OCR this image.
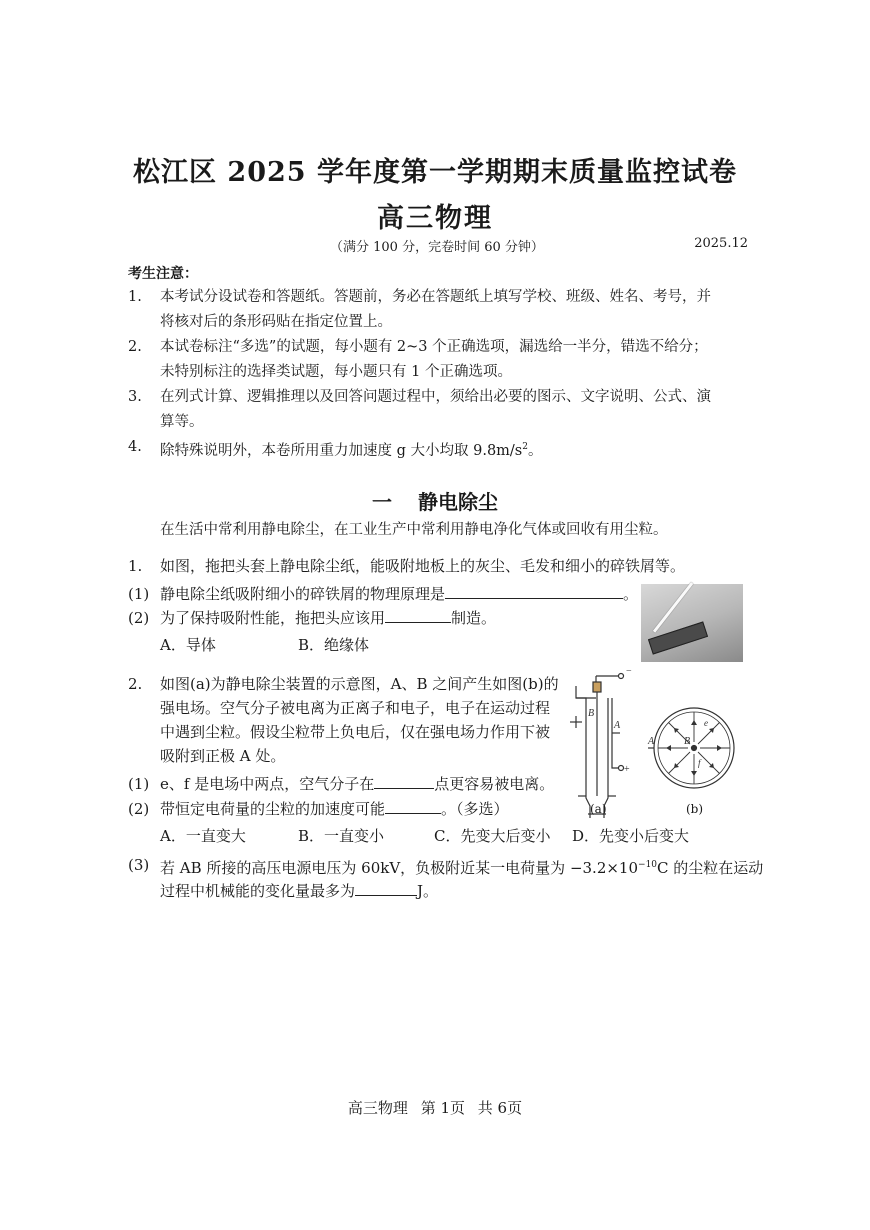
松江区 2025 学年度第一学期期末质量监控试卷
高三物理
（满分 100 分，完卷时间 60 分钟）	2025.12
考生注意：
1. 本考试分设试卷和答题纸。答题前，务必在答题纸上填写学校、班级、姓名、考号，并
将核对后的条形码贴在指定位置上。
2. 本试卷标注“多选”的试题，每小题有 2~3 个正确选项，漏选给一半分，错选不给分；
未特别标注的选择类试题，每小题只有 1 个正确选项。
3. 在列式计算、逻辑推理以及回答问题过程中，须给出必要的图示、文字说明、公式、演
算等。
4. 除特殊说明外，本卷所用重力加速度 g 大小均取 $9.8m/s^2$。
一 静电除尘
在生活中常利用静电除尘，在工业生产中常利用静电净化气体或回收有用尘粒。
1. 如图，拖把头套上静电除尘纸，能吸附地板上的灰尘、毛发和细小的碎铁屑等。
(1) 静电除尘纸吸附细小的碎铁屑的物理原理是	。
(2) 为了保持吸附性能，拖把头应该用	制造。
A．导体	B．绝缘体
2. 如图(a)为静电除尘装置的示意图，A、B 之间产生如图(b)的
强电场。空气分子被电离为正离子和电子，电子在运动过程
中遇到尘粒。假设尘粒带上负电后，仅在强电场力作用下被
吸附到正极 A 处。
(1) e、f 是电场中两点，空气分子在	点更容易被电离。
(2) 带恒定电荷量的尘粒的加速度可能	。（多选）
A．一直变大	B．一直变小	C．先变大后变小 D．先变小后变大
(3) 若 AB 所接的高压电源电压为 60kV，负极附近某一电荷量为 $-3.2\times 10^{-10}C$ 的尘粒在运动
过程中机械能的变化量最多为	J。
−
+
B
A
(a)
A	B
e
f
(b)
高三物理 第 1页 共 6页
